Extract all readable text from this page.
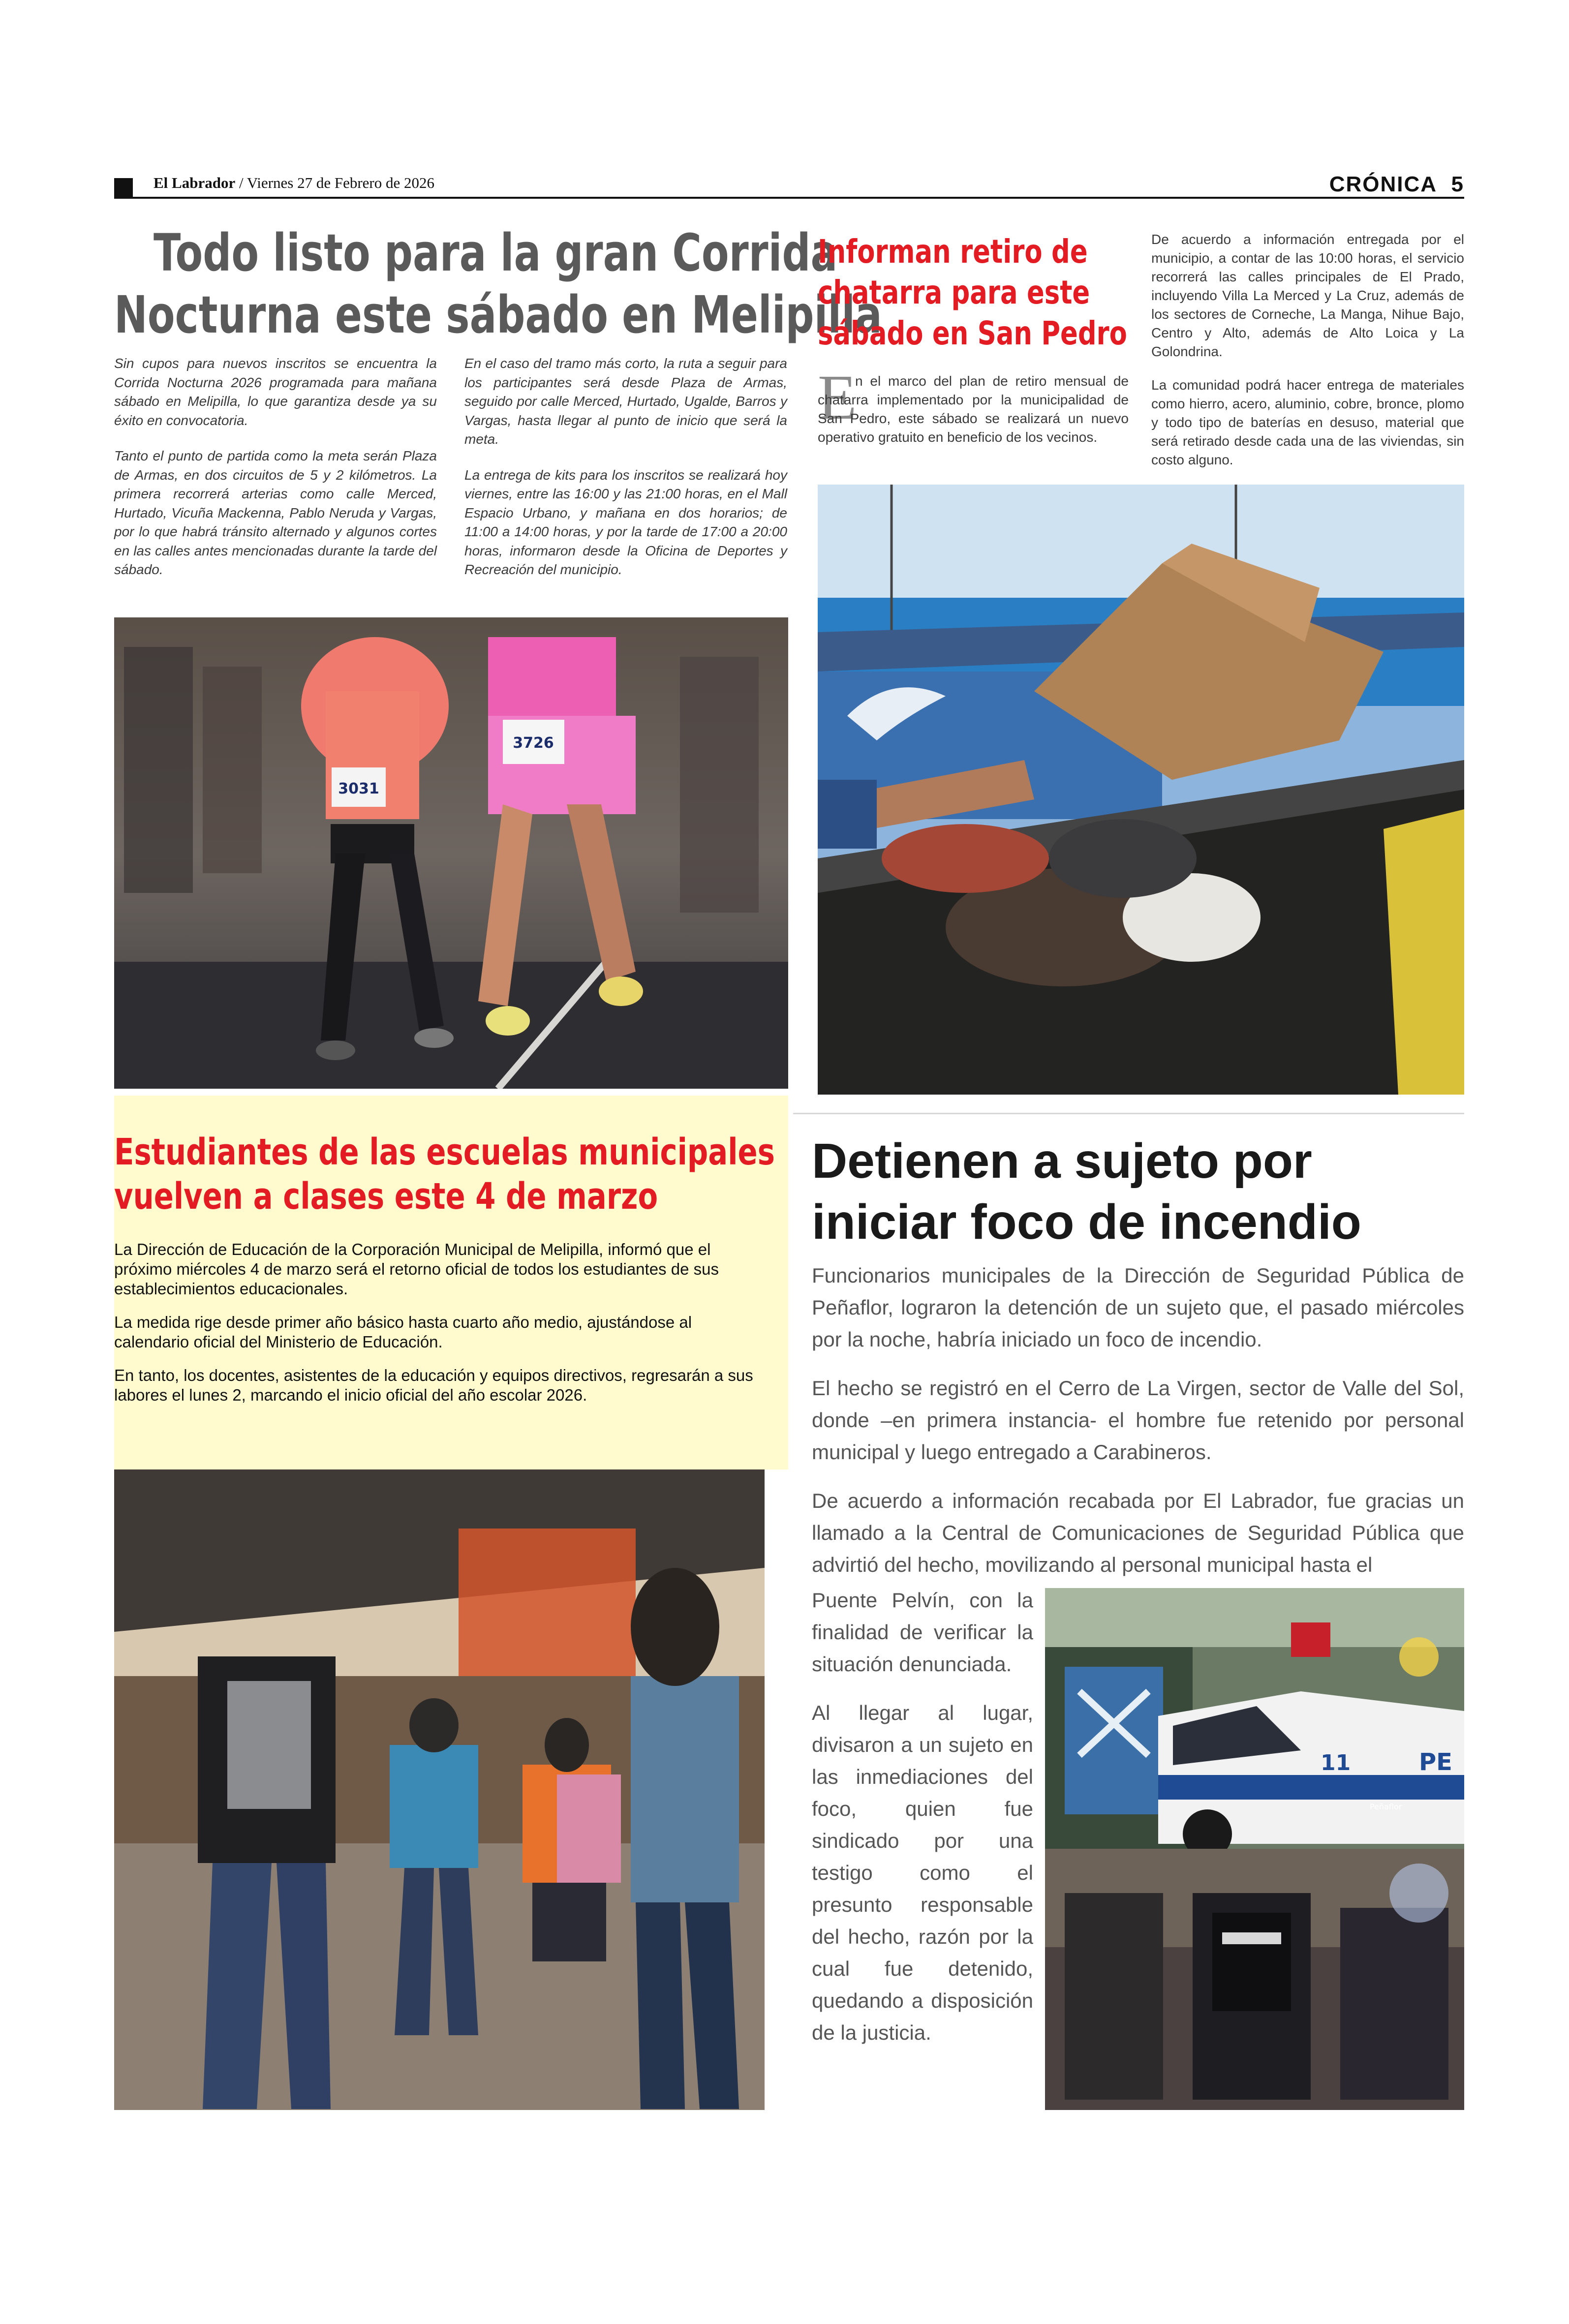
El Labrador / Viernes 27 de Febrero de 2026	CRÓNICA 5
Todo listo para la gran Corrida
Nocturna este sábado en Melipilla

Sin cupos para nuevos inscritos se encuentra la Corrida Nocturna 2026 programada para mañana sábado en Melipilla, lo que garantiza desde ya su éxito en convocatoria.

Tanto el punto de partida como la meta serán Plaza de Armas, en dos circuitos de 5 y 2 kilómetros. La primera recorrerá arterias como calle Merced, Hurtado, Vicuña Mackenna, Pablo Neruda y Vargas, por lo que habrá tránsito alternado y algunos cortes en las calles antes mencionadas durante la tarde del sábado.

En el caso del tramo más corto, la ruta a seguir para los participantes será desde Plaza de Armas, seguido por calle Merced, Hurtado, Ugalde, Barros y Vargas, hasta llegar al punto de inicio que será la meta.

La entrega de kits para los inscritos se realizará hoy viernes, entre las 16:00 y las 21:00 horas, en el Mall Espacio Urbano, y mañana en dos horarios; de 11:00 a 14:00 horas, y por la tarde de 17:00 a 20:00 horas, informaron desde la Oficina de Deportes y Recreación del municipio.

3031
3726
Informan retiro de
chatarra para este
sábado en San Pedro
E

n el marco del plan de retiro mensual de chatarra implementado por la municipalidad de San Pedro, este sábado se realizará un nuevo operativo gratuito en beneficio de los vecinos.

De acuerdo a información entregada por el municipio, a contar de las 10:00 horas, el servicio recorrerá las calles principales de El Prado, incluyendo Villa La Merced y La Cruz, además de los sectores de Corneche, La Manga, Nihue Bajo, Centro y Alto, además de Alto Loica y La Golondrina.

La comunidad podrá hacer entrega de materiales como hierro, acero, aluminio, cobre, bronce, plomo y todo tipo de baterías en desuso, material que será retirado desde cada una de las viviendas, sin costo alguno.

Estudiantes de las escuelas municipales
vuelven a clases este 4 de marzo

La Dirección de Educación de la Corporación Municipal de Melipilla, informó que el próximo miércoles 4 de marzo será el retorno oficial de todos los estudiantes de sus establecimientos educacionales.

La medida rige desde primer año básico hasta cuarto año medio, ajustándose al calendario oficial del Ministerio de Educación.

En tanto, los docentes, asistentes de la educación y equipos directivos, regresarán a sus labores el lunes 2, marcando el inicio oficial del año escolar 2026.

Detienen a sujeto por
iniciar foco de incendio

Funcionarios municipales de la Dirección de Seguridad Pública de Peñaflor, lograron la detención de un sujeto que, el pasado miércoles por la noche, habría iniciado un foco de incendio.

El hecho se registró en el Cerro de La Virgen, sector de Valle del Sol, donde –en primera instancia- el hombre fue retenido por personal municipal y luego entregado a Carabineros.

De acuerdo a información recabada por El Labrador, fue gracias un llamado a la Central de Comunicaciones de Seguridad Pública que advirtió del hecho, movilizando al personal municipal hasta el

Puente Pelvín, con la finalidad de verificar la situación denunciada.

Al llegar al lugar, divisaron a un sujeto en las inmediaciones del foco, quien fue sindicado por una testigo como el presunto responsable del hecho, razón por la cual fue detenido, quedando a disposición de la justicia.

11	PE
Peñaflor
